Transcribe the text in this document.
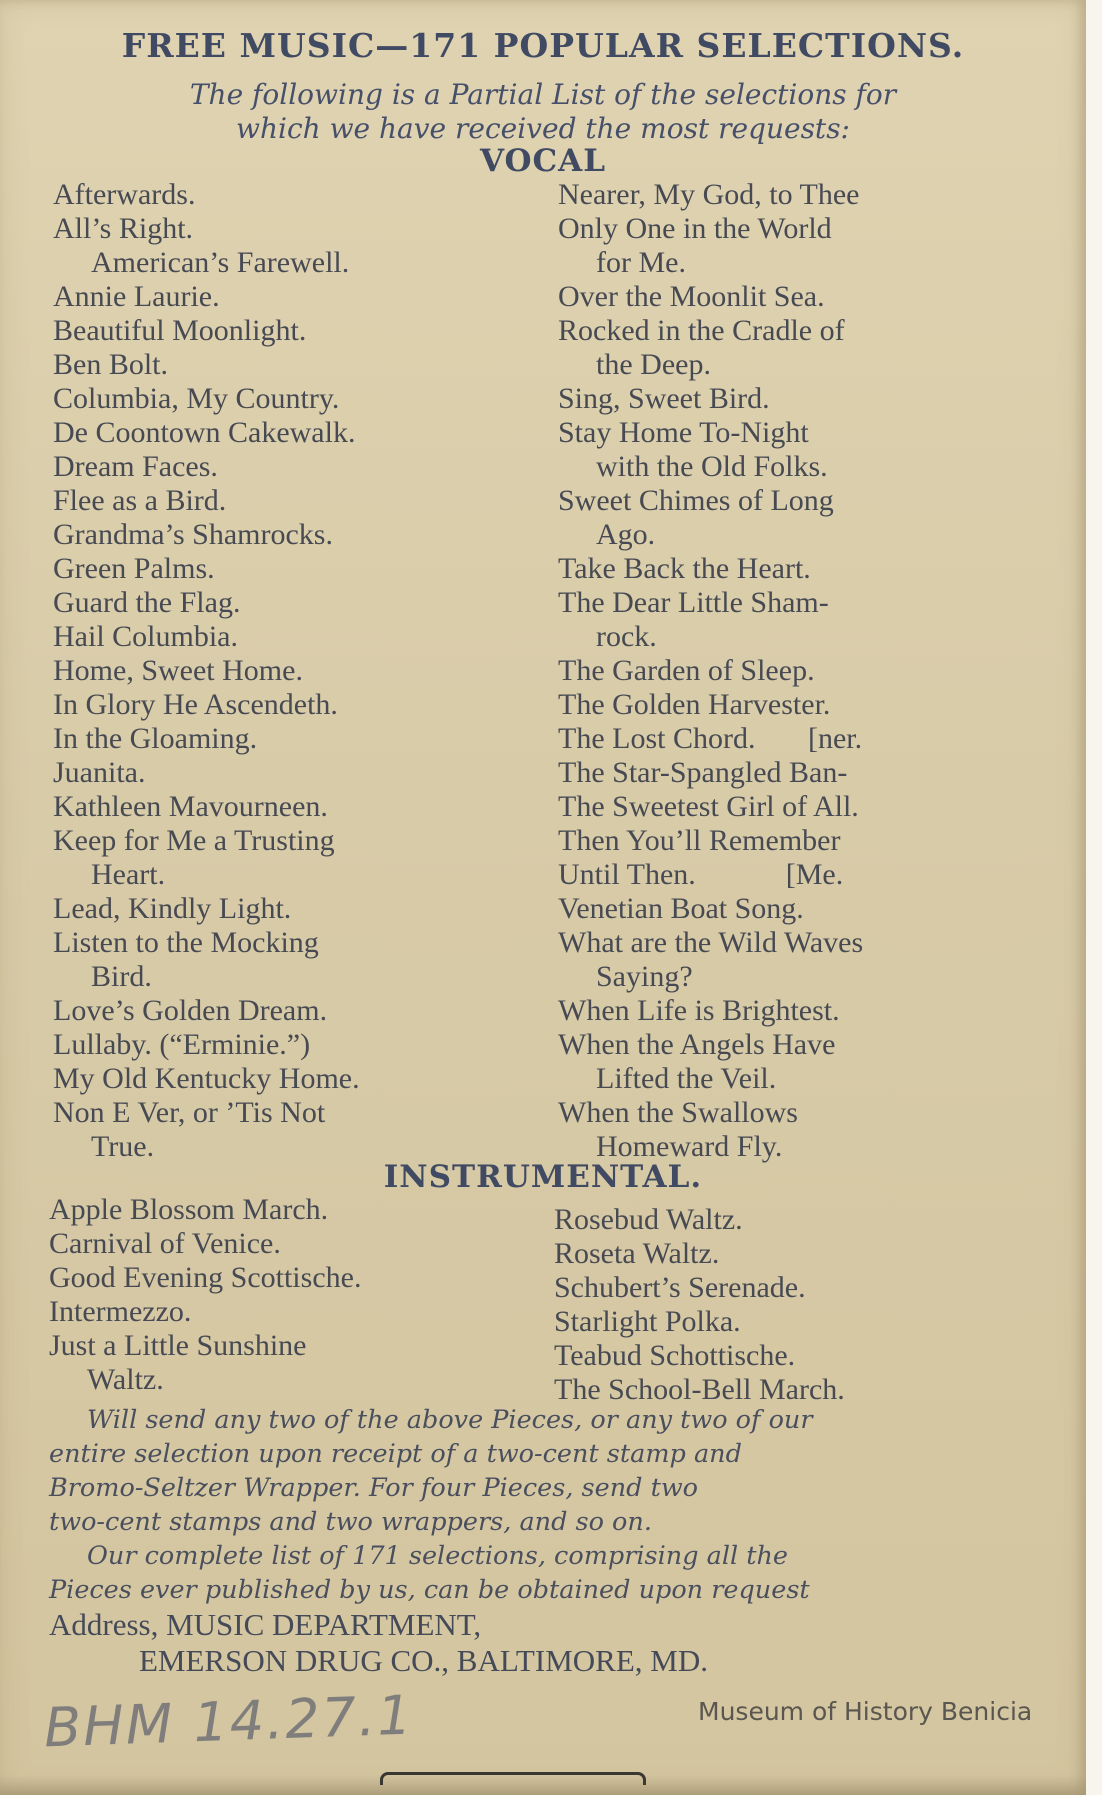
FREE MUSIC—171 POPULAR SELECTIONS.
The following is a Partial List of the selections for
which we have received the most requests:
VOCAL
Afterwards.
All’s Right.
American’s Farewell.
Annie Laurie.
Beautiful Moonlight.
Ben Bolt.
Columbia, My Country.
De Coontown Cakewalk.
Dream Faces.
Flee as a Bird.
Grandma’s Shamrocks.
Green Palms.
Guard the Flag.
Hail Columbia.
Home, Sweet Home.
In Glory He Ascendeth.
In the Gloaming.
Juanita.
Kathleen Mavourneen.
Keep for Me a Trusting
Heart.
Lead, Kindly Light.
Listen to the Mocking
Bird.
Love’s Golden Dream.
Lullaby. (“Erminie.”)
My Old Kentucky Home.
Non E Ver, or ’Tis Not
True.
Nearer, My God, to Thee
Only One in the World
for Me.
Over the Moonlit Sea.
Rocked in the Cradle of
the Deep.
Sing, Sweet Bird.
Stay Home To-Night
with the Old Folks.
Sweet Chimes of Long
Ago.
Take Back the Heart.
The Dear Little Sham-
rock.
The Garden of Sleep.
The Golden Harvester.
The Lost Chord.       [ner.
The Star-Spangled Ban-
The Sweetest Girl of All.
Then You’ll Remember
Until Then.            [Me.
Venetian Boat Song.
What are the Wild Waves
Saying?
When Life is Brightest.
When the Angels Have
Lifted the Veil.
When the Swallows
Homeward Fly.
INSTRUMENTAL.
Apple Blossom March.
Carnival of Venice.
Good Evening Scottische.
Intermezzo.
Just a Little Sunshine
Waltz.
Rosebud Waltz.
Roseta Waltz.
Schubert’s Serenade.
Starlight Polka.
Teabud Schottische.
The School-Bell March.
Will send any two of the above Pieces, or any two of our
entire selection upon receipt of a two-cent stamp and
Bromo-Seltzer Wrapper. For four Pieces, send two
two-cent stamps and two wrappers, and so on.
Our complete list of 171 selections, comprising all the
Pieces ever published by us, can be obtained upon request
Address, MUSIC DEPARTMENT,
EMERSON DRUG CO., BALTIMORE, MD.
BHM 14.27.1	Museum of History Benicia
